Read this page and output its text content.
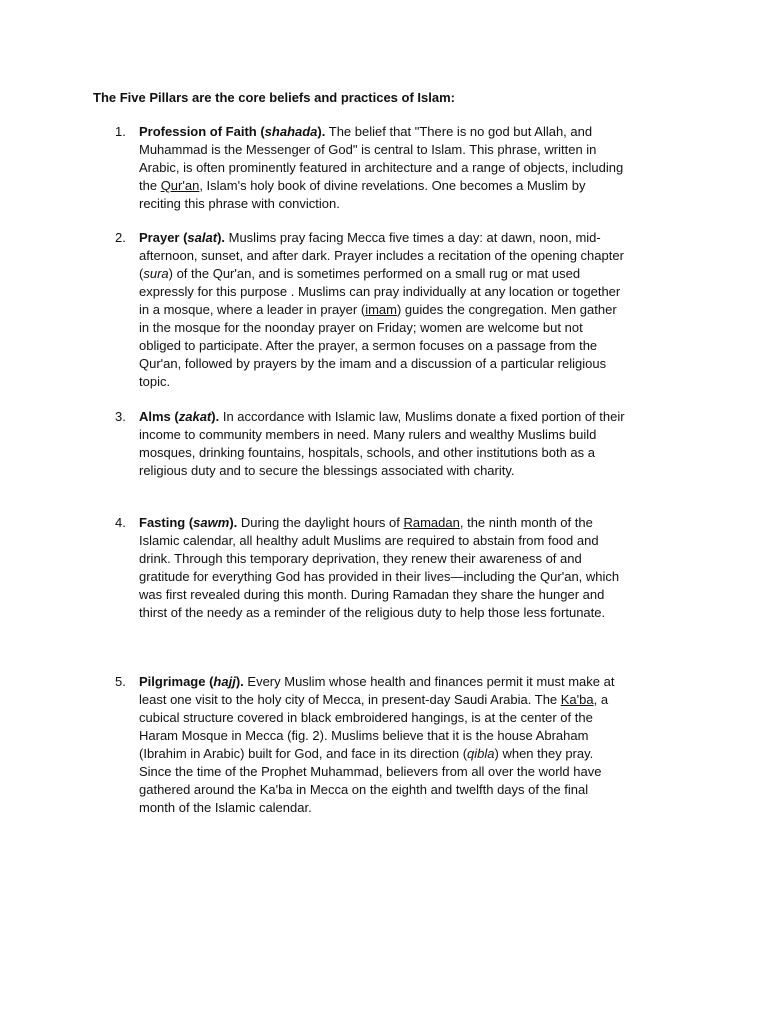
The Five Pillars are the core beliefs and practices of Islam:
1. Profession of Faith (shahada). The belief that "There is no god but Allah, and
Muhammad is the Messenger of God" is central to Islam. This phrase, written in
Arabic, is often prominently featured in architecture and a range of objects, including
the Qur'an, Islam's holy book of divine revelations. One becomes a Muslim by
reciting this phrase with conviction.
2. Prayer (salat). Muslims pray facing Mecca five times a day: at dawn, noon, mid-
afternoon, sunset, and after dark. Prayer includes a recitation of the opening chapter
(sura) of the Qur'an, and is sometimes performed on a small rug or mat used
expressly for this purpose . Muslims can pray individually at any location or together
in a mosque, where a leader in prayer (imam) guides the congregation. Men gather
in the mosque for the noonday prayer on Friday; women are welcome but not
obliged to participate. After the prayer, a sermon focuses on a passage from the
Qur'an, followed by prayers by the imam and a discussion of a particular religious
topic.
3. Alms (zakat). In accordance with Islamic law, Muslims donate a fixed portion of their
income to community members in need. Many rulers and wealthy Muslims build
mosques, drinking fountains, hospitals, schools, and other institutions both as a
religious duty and to secure the blessings associated with charity.
4. Fasting (sawm). During the daylight hours of Ramadan, the ninth month of the
Islamic calendar, all healthy adult Muslims are required to abstain from food and
drink. Through this temporary deprivation, they renew their awareness of and
gratitude for everything God has provided in their lives—including the Qur'an, which
was first revealed during this month. During Ramadan they share the hunger and
thirst of the needy as a reminder of the religious duty to help those less fortunate.
5. Pilgrimage (hajj). Every Muslim whose health and finances permit it must make at
least one visit to the holy city of Mecca, in present-day Saudi Arabia. The Ka'ba, a
cubical structure covered in black embroidered hangings, is at the center of the
Haram Mosque in Mecca (fig. 2). Muslims believe that it is the house Abraham
(Ibrahim in Arabic) built for God, and face in its direction (qibla) when they pray.
Since the time of the Prophet Muhammad, believers from all over the world have
gathered around the Ka'ba in Mecca on the eighth and twelfth days of the final
month of the Islamic calendar.
